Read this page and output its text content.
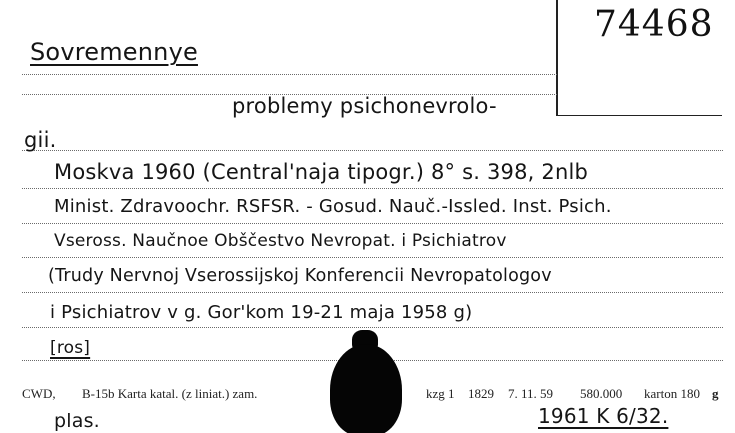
74468
Sovremennye
problemy psichonevrolo-
gii.
Moskva 1960 (Central'naja tipogr.) 8° s. 398, 2nlb
Minist. Zdravoochr. RSFSR. - Gosud. Nauč.-Issled. Inst. Psich.
Vseross. Naučnoe Obščestvo Nevropat. i Psichiatrov
(Trudy Nervnoj Vserossijskoj Konferencii Nevropatologov
i Psichiatrov v g. Gor'kom 19-21 maja 1958 g)
[ros]
CWD, B-15b Karta katal. (z liniat.) zam.	kzg 1 1829 7. 11. 59 580.000 karton 180 g
plas.	1961 K 6/32.
